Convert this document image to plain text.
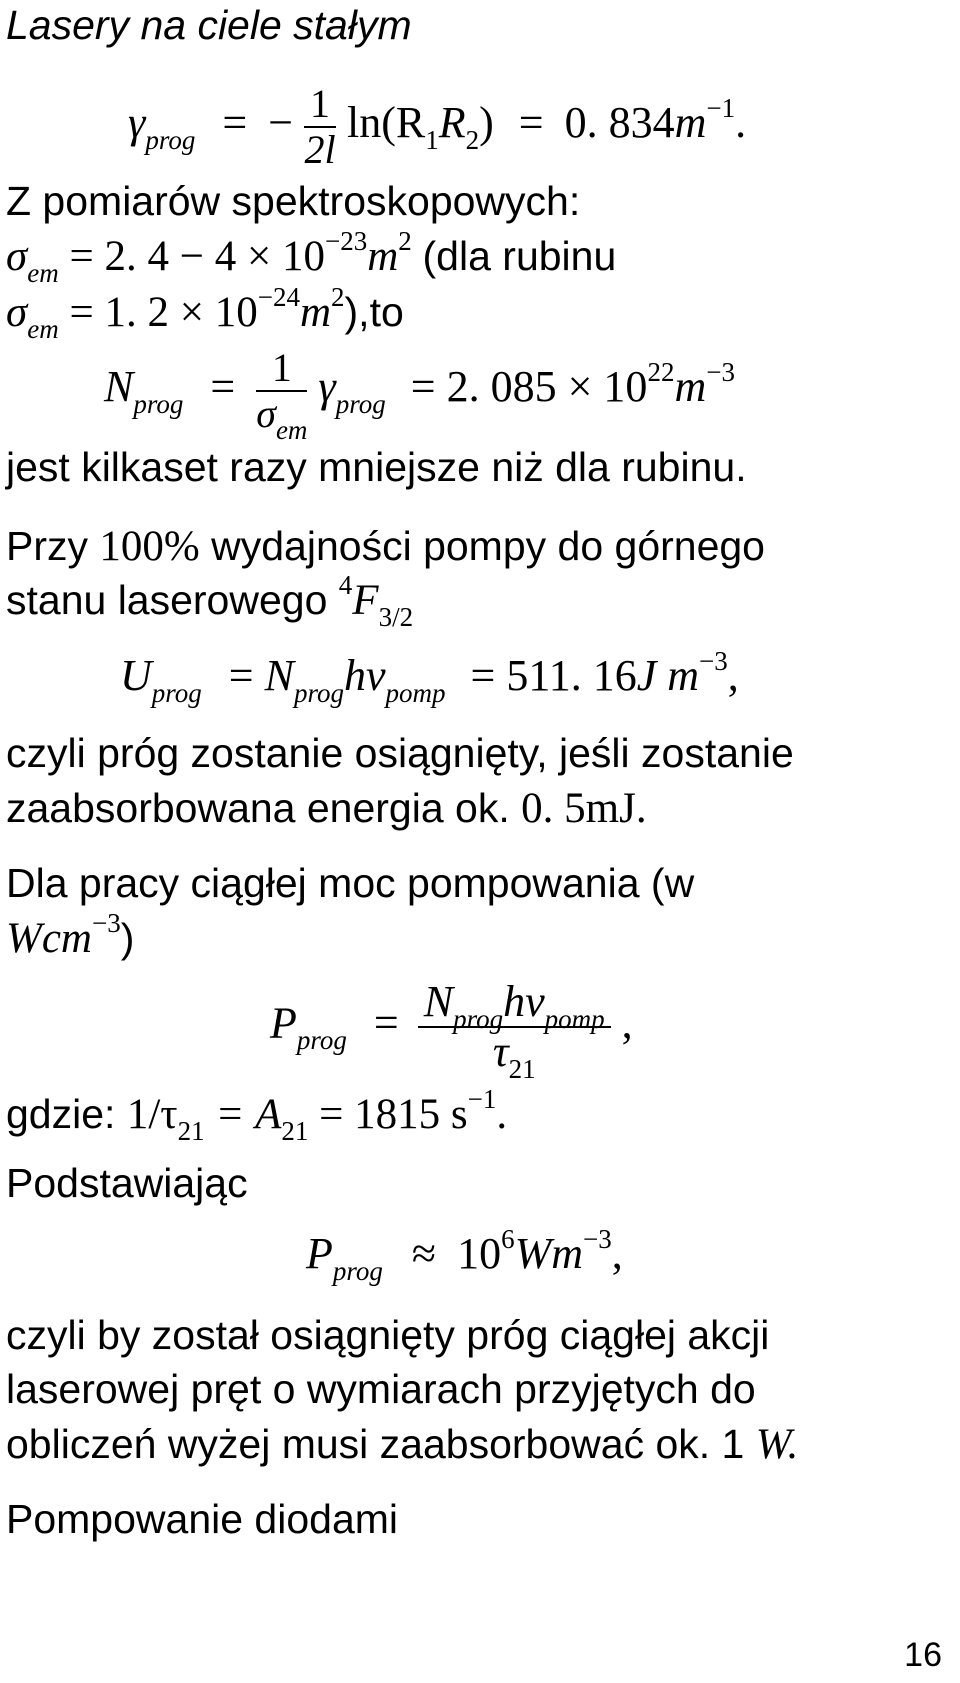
Lasery na ciele stałym
$\gamma_{prog}$ = − $\frac{1}{2l} \ln(R_1R_2) = 0$. $834m^{-1}$.
Z pomiarów spektroskopowych:
$\sigma_{em} = 2$. $4 - 4 \times 10^{-23}m^2$ (dla rubinu
$\sigma_{em} = 1$. $2 \times 10^{-24}m^2),to$
$N_{prog} = \frac{1}{\sigma_{em}} \gamma_{prog} = 2$. $085 \times 10^{22}m^{-3}$
jest kilkaset razy mniejsze niż dla rubinu.
Przy 100% wydajności pompy do górnego
stanu laserowego $^4F_{3/2}$
$U_{prog} = N_{prog}h\nu_{pomp} = 511$. 16J $m^{-3}$,
czyli próg zostanie osiągnięty, jeśli zostanie
zaabsorbowana energia ok. 0. 5mJ.
Dla pracy ciągłej moc pompowania (w
Wcm$^{-3}$)
$P_{prog} = \frac{N_{prog}h\nu_{pomp}}{\tau_{21}}$ ,
gdzie: $1/\tau_{21} = A_{21} = 1815$ $s^{-1}$.
Podstawiając
$P_{prog} \approx 10^6Wm^{-3}$,
czyli by został osiągnięty próg ciągłej akcji
laserowej pręt o wymiarach przyjętych do
obliczeń wyżej musi zaabsorbować ok. 1 W.
Pompowanie diodami
16
